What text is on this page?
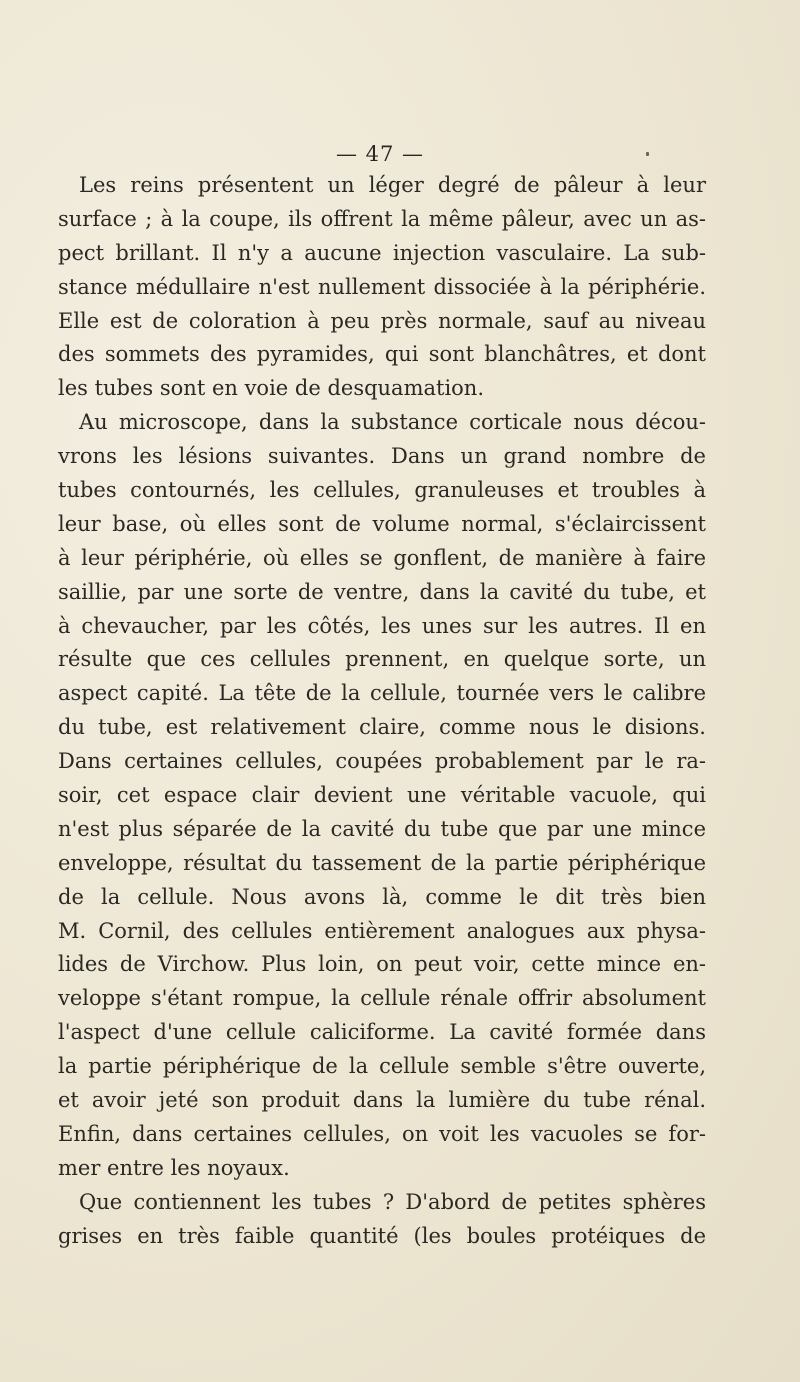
— 47 —
Les reins présentent un léger degré de pâleur à leur
surface ; à la coupe, ils offrent la même pâleur, avec un as-
pect brillant. Il n'y a aucune injection vasculaire. La sub-
stance médullaire n'est nullement dissociée à la périphérie.
Elle est de coloration à peu près normale, sauf au niveau
des sommets des pyramides, qui sont blanchâtres, et dont
les tubes sont en voie de desquamation.
Au microscope, dans la substance corticale nous décou-
vrons les lésions suivantes. Dans un grand nombre de
tubes contournés, les cellules, granuleuses et troubles à
leur base, où elles sont de volume normal, s'éclaircissent
à leur périphérie, où elles se gonflent, de manière à faire
saillie, par une sorte de ventre, dans la cavité du tube, et
à chevaucher, par les côtés, les unes sur les autres. Il en
résulte que ces cellules prennent, en quelque sorte, un
aspect capité. La tête de la cellule, tournée vers le calibre
du tube, est relativement claire, comme nous le disions.
Dans certaines cellules, coupées probablement par le ra-
soir, cet espace clair devient une véritable vacuole, qui
n'est plus séparée de la cavité du tube que par une mince
enveloppe, résultat du tassement de la partie périphérique
de la cellule. Nous avons là, comme le dit très bien
M. Cornil, des cellules entièrement analogues aux physa-
lides de Virchow. Plus loin, on peut voir, cette mince en-
veloppe s'étant rompue, la cellule rénale offrir absolument
l'aspect d'une cellule caliciforme. La cavité formée dans
la partie périphérique de la cellule semble s'être ouverte,
et avoir jeté son produit dans la lumière du tube rénal.
Enfin, dans certaines cellules, on voit les vacuoles se for-
mer entre les noyaux.
Que contiennent les tubes ? D'abord de petites sphères
grises en très faible quantité (les boules protéiques de
